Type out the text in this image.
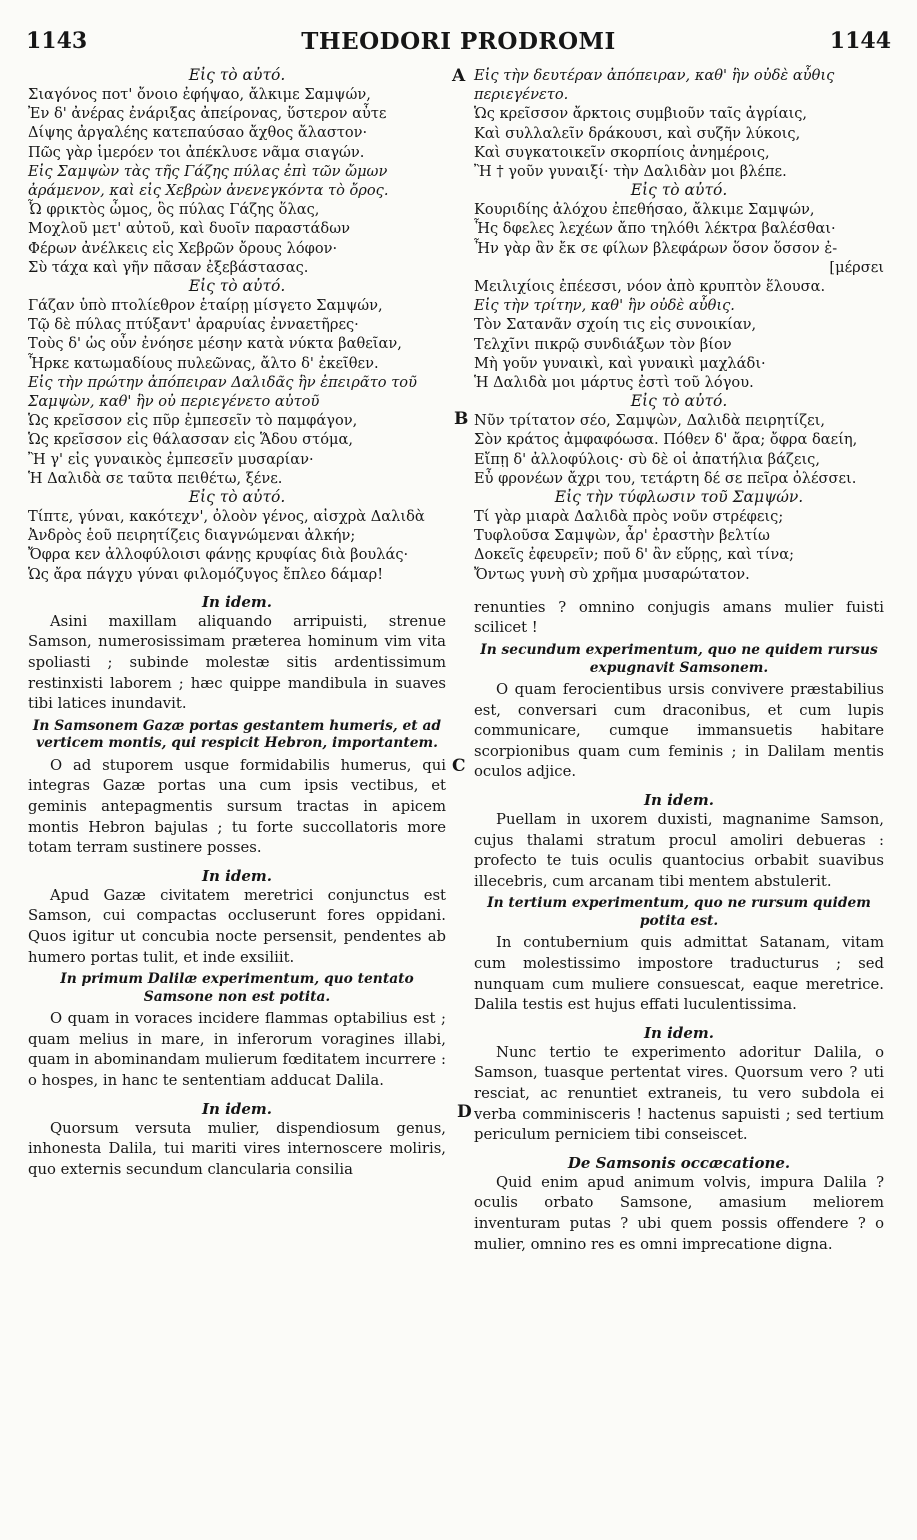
1143	THEODORI PRODROMI	1144
A
B
C
D
Εἰς τὸ αὐτό.
Σιαγόνος ποτ' ὄνοιο ἐφήψαο, ἄλκιμε Σαμψών,
Ἐν δ' ἀνέρας ἐνάριξας ἀπείρονας, ὕστερον αὖτε
Δίψης ἀργαλέης κατεπαύσαο ἄχθος ἄλαστον·
Πῶς γὰρ ἱμερόεν τοι ἀπέκλυσε νᾶμα σιαγών.
Εἰς Σαμψὼν τὰς τῆς Γάζης πύλας ἐπὶ τῶν ὤμων ἀράμενον, καὶ εἰς Χεβρὼν ἀνενεγκόντα τὸ ὄρος.
Ὦ φρικτὸς ὦμος, ὃς πύλας Γάζης ὅλας,
Μοχλοῦ μετ' αὐτοῦ, καὶ δυοῖν παραστάδων
Φέρων ἀνέλκεις εἰς Χεβρῶν ὄρους λόφον·
Σὺ τάχα καὶ γῆν πᾶσαν ἐξεβάστασας.
Εἰς τὸ αὐτό.
Γάζαν ὑπὸ πτολίεθρον ἑταίρῃ μίσγετο Σαμψών,
Τῷ δὲ πύλας πτύξαντ' ἀραρυίας ἐνναετῆρες·
Τοὺς δ' ὡς οὖν ἐνόησε μέσην κατὰ νύκτα βαθεῖαν,
Ἧρκε κατωμαδίους πυλεῶνας, ἄλτο δ' ἐκεῖθεν.
Εἰς τὴν πρώτην ἀπόπειραν Δαλιδᾶς ἣν ἐπειρᾶτο τοῦ Σαμψὼν, καθ' ἣν οὐ περιεγένετο αὐτοῦ
Ὡς κρεῖσσον εἰς πῦρ ἐμπεσεῖν τὸ παμφάγον,
Ὡς κρεῖσσον εἰς θάλασσαν εἰς Ἅδου στόμα,
Ἢ γ' εἰς γυναικὸς ἐμπεσεῖν μυσαρίαν·
Ἡ Δαλιδὰ σε ταῦτα πειθέτω, ξένε.
Εἰς τὸ αὐτό.
Τίπτε, γύναι, κακότεχν', ὀλοὸν γένος, αἰσχρὰ Δαλιδὰ
Ἀνδρὸς ἑοῦ πειρητίζεις διαγνώμεναι ἀλκήν;
Ὄφρα κεν ἀλλοφύλοισι φάνῃς κρυφίας διὰ βουλάς·
Ὡς ἄρα πάγχυ γύναι φιλομόζυγος ἔπλεο δάμαρ!
In idem.
Asini maxillam aliquando arripuisti, strenue Samson, numerosissimam præterea hominum vim vita spoliasti ; subinde molestæ sitis ardentissimum restinxisti laborem ; hæc quippe mandibula in suaves tibi latices inundavit.
In Samsonem Gazæ portas gestantem humeris, et ad verticem montis, qui respicit Hebron, importantem.
O ad stuporem usque formidabilis humerus, qui integras Gazæ portas una cum ipsis vectibus, et geminis antepagmentis sursum tractas in apicem montis Hebron bajulas ; tu forte succollatoris more totam terram sustinere posses.
In idem.
Apud Gazæ civitatem meretrici conjunctus est Samson, cui compactas occluserunt fores oppidani. Quos igitur ut concubia nocte persensit, pendentes ab humero portas tulit, et inde exsiliit.
In primum Dalilæ experimentum, quo tentato Samsone non est potita.
O quam in voraces incidere flammas optabilius est ; quam melius in mare, in inferorum voragines illabi, quam in abominandam mulierum fœditatem incurrere : o hospes, in hanc te sententiam adducat Dalila.
In idem.
Quorsum versuta mulier, dispendiosum genus, inhonesta Dalila, tui mariti vires internoscere moliris, quo externis secundum clancularia consilia
Εἰς τὴν δευτέραν ἀπόπειραν, καθ' ἣν οὐδὲ αὖθις περιεγένετο.
Ὡς κρεῖσσον ἄρκτοις συμβιοῦν ταῖς ἀγρίαις,
Καὶ συλλαλεῖν δράκουσι, καὶ συζῆν λύκοις,
Καὶ συγκατοικεῖν σκορπίοις ἀνημέροις,
Ἢ † γοῦν γυναιξί· τὴν Δαλιδὰν μοι βλέπε.
Εἰς τὸ αὐτό.
Κουριδίης ἀλόχου ἐπεθήσαο, ἄλκιμε Σαμψών,
Ἧς δφελες λεχέων ἄπο τηλόθι λέκτρα βαλέσθαι·
Ἦν γὰρ ἂν ἔκ σε φίλων βλεφάρων ὅσον ὅσσον ἐ-
[μέρσει
Μειλιχίοις ἐπέεσσι, νόον ἀπὸ κρυπτὸν ἕλουσα.
Εἰς τὴν τρίτην, καθ' ἣν οὐδὲ αὖθις.
Τὸν Σατανᾶν σχοίη τις εἰς συνοικίαν,
Τελχῖνι πικρῷ συνδιάξων τὸν βίον
Μὴ γοῦν γυναικὶ, καὶ γυναικὶ μαχλάδι·
Ἡ Δαλιδὰ μοι μάρτυς ἐστὶ τοῦ λόγου.
Εἰς τὸ αὐτό.
Νῦν τρίτατον σέο, Σαμψὼν, Δαλιδὰ πειρητίζει,
Σὸν κράτος ἀμφαφόωσα. Πόθεν δ' ἄρα; ὄφρα δαείη,
Εἴπῃ δ' ἀλλοφύλοις· σὺ δὲ οἱ ἀπατήλια βάζεις,
Εὖ φρονέων ἄχρι του, τετάρτη δέ σε πεῖρα ὀλέσσει.
Εἰς τὴν τύφλωσιν τοῦ Σαμψών.
Τί γὰρ μιαρὰ Δαλιδὰ πρὸς νοῦν στρέφεις;
Τυφλοῦσα Σαμψὼν, ἆρ' ἐραστὴν βελτίω
Δοκεῖς ἐφευρεῖν; ποῦ δ' ἂν εὕρῃς, καὶ τίνα;
Ὄντως γυνὴ σὺ χρῆμα μυσαρώτατον.
renunties ? omnino conjugis amans mulier fuisti scilicet !
In secundum experimentum, quo ne quidem rursus expugnavit Samsonem.
O quam ferocientibus ursis convivere præstabilius est, conversari cum draconibus, et cum lupis communicare, cumque immansuetis habitare scorpionibus quam cum feminis ; in Dalilam mentis oculos adjice.
In idem.
Puellam in uxorem duxisti, magnanime Samson, cujus thalami stratum procul amoliri debueras : profecto te tuis oculis quantocius orbabit suavibus illecebris, cum arcanam tibi mentem abstulerit.
In tertium experimentum, quo ne rursum quidem potita est.
In contubernium quis admittat Satanam, vitam cum molestissimo impostore traducturus ; sed nunquam cum muliere consuescat, eaque meretrice. Dalila testis est hujus effati luculentissima.
In idem.
Nunc tertio te experimento adoritur Dalila, o Samson, tuasque pertentat vires. Quorsum vero ? uti resciat, ac renuntiet extraneis, tu vero subdola ei verba comminisceris ! hactenus sapuisti ; sed tertium periculum perniciem tibi conseiscet.
De Samsonis occæcatione.
Quid enim apud animum volvis, impura Dalila ? oculis orbato Samsone, amasium meliorem inventuram putas ? ubi quem possis offendere ? o mulier, omnino res es omni imprecatione digna.
